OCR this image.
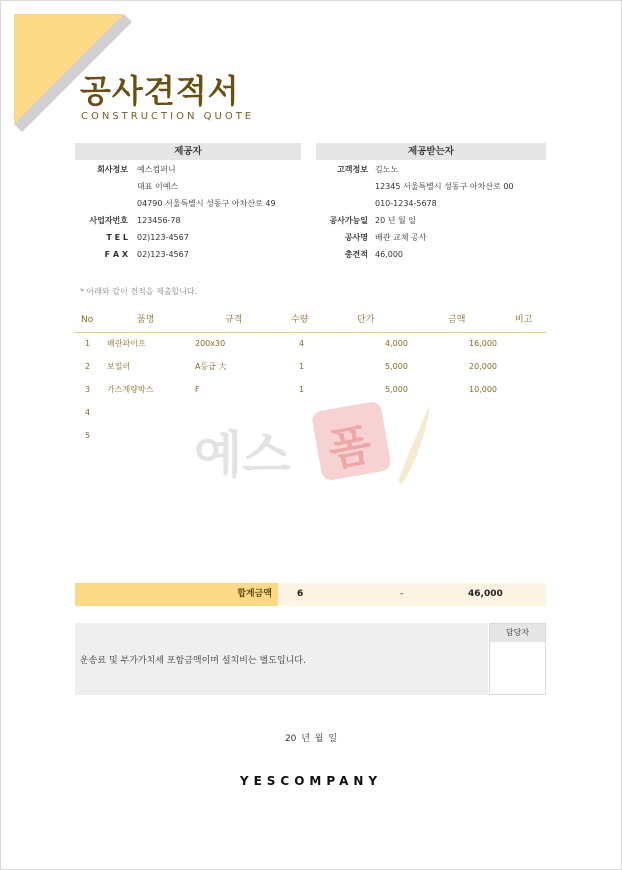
공사견적서
CONSTRUCTION QUOTE
제공자
회사정보 예스컴퍼니
대표 이예스
04790 서울특별시 성동구 아차산로 49
사업자번호 123456-78
T E L 02)123-4567
F A X 02)123-4567
제공받는자
고객정보 김노노
12345 서울특별시 성동구 아차산로 00
010-1234-5678
공사가능일 20 년 월 일
공사명 배관 교체 공사
총견적 46,000
* 아래와 같이 견적을 제출합니다.
No	품명	규격	수량	단가	금액	비고
1 배관파이프	200x30	4	4,000	16,000
2 보일러	A등급 大	1	5,000	20,000
3 가스계량박스	F	1	5,000	10,000
4
5 예스 폼
합계금액	6	-	46,000
운송료 및 부가가치세 포함금액이며 설치비는 별도입니다.
담당자
20 년 월 일
YESCOMPANY
